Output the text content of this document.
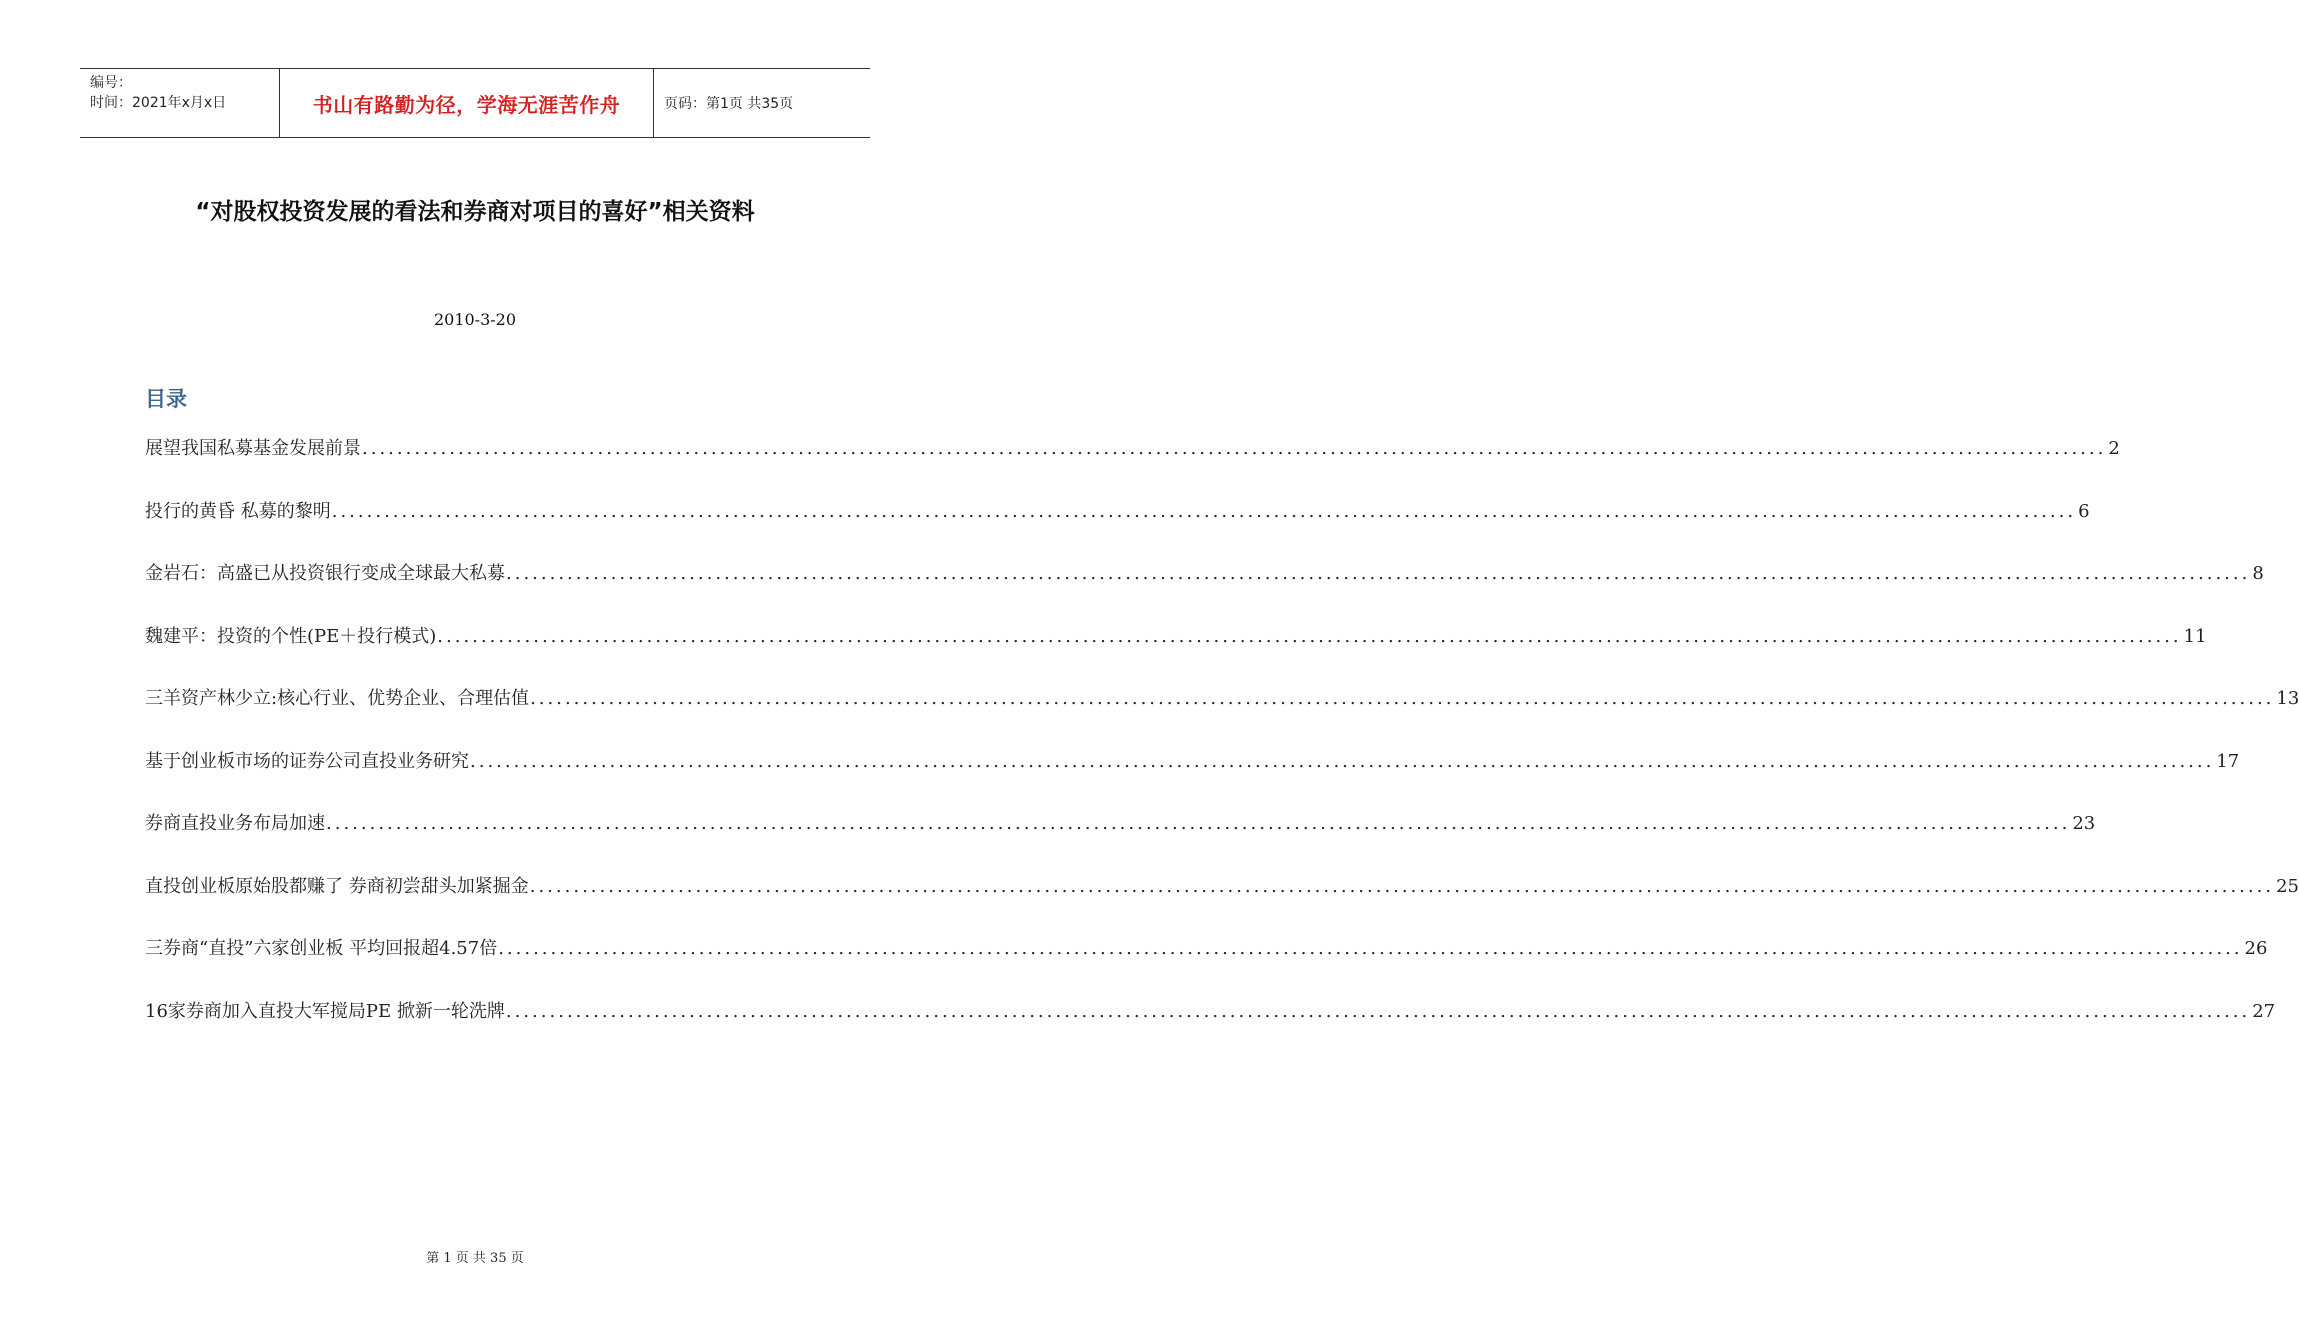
编号：
时间：2021年x月x日	书山有路勤为径，学海无涯苦作舟	页码：第1页 共35页
“对股权投资发展的看法和券商对项目的喜好”相关资料
2010-3-20
目录
展望我国私募基金发展前景 ........................................................................................................................................................................................................ 2
投行的黄昏 私募的黎明 ........................................................................................................................................................................................................ 6
金岩石：高盛已从投资银行变成全球最大私募 ........................................................................................................................................................................................................ 8
魏建平：投资的个性(PE＋投行模式) ........................................................................................................................................................................................................ 11
三羊资产林少立:核心行业、优势企业、合理估值 ........................................................................................................................................................................................................ 13
基于创业板市场的证券公司直投业务研究 ........................................................................................................................................................................................................ 17
券商直投业务布局加速 ........................................................................................................................................................................................................ 23
直投创业板原始股都赚了 券商初尝甜头加紧掘金 ........................................................................................................................................................................................................ 25
三券商“直投”六家创业板 平均回报超4.57倍 ........................................................................................................................................................................................................ 26
16家券商加入直投大军搅局PE 掀新一轮洗牌 ........................................................................................................................................................................................................ 27
第 1 页 共 35 页
